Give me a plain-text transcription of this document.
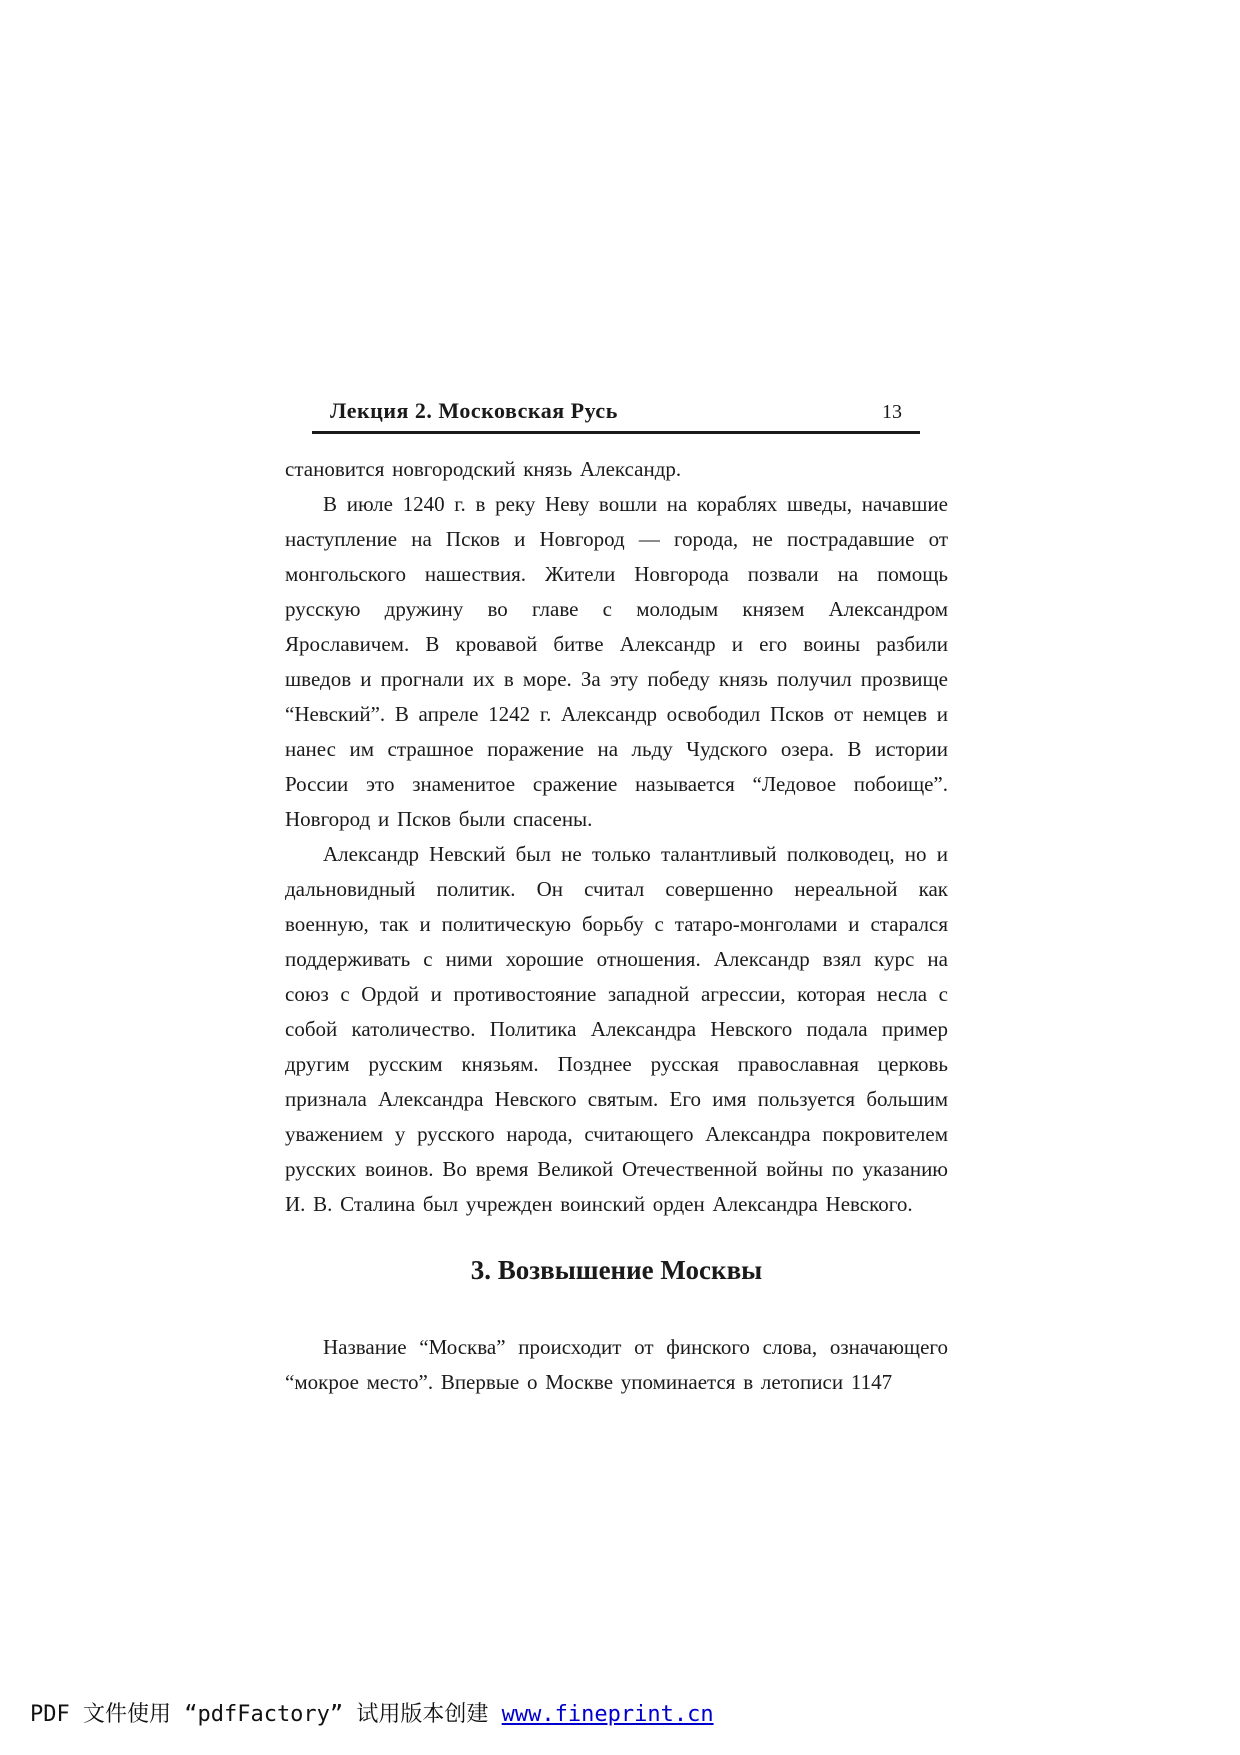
Лекция 2. Московская Русь	13

становится новгородский князь Александр.

В июле 1240 г. в реку Неву вошли на кораблях шведы, начавшие наступление на Псков и Новгород — города, не пострадавшие от монгольского нашествия. Жители Новгорода позвали на помощь русскую дружину во главе с молодым князем Александром Ярославичем. В кровавой битве Александр и его воины разбили шведов и прогнали их в море. За эту победу князь получил прозвище “Невский”. В апреле 1242 г. Александр освободил Псков от немцев и нанес им страшное поражение на льду Чудского озера. В истории России это знаменитое сражение называется “Ледовое побоище”. Новгород и Псков были спасены.

Александр Невский был не только талантливый полководец, но и дальновидный политик. Он считал совершенно нереальной как военную, так и политическую борьбу с татаро-монголами и старался поддерживать с ними хорошие отношения. Александр взял курс на союз с Ордой и противостояние западной агрессии, которая несла с собой католичество. Политика Александра Невского подала пример другим русским князьям. Позднее русская православная церковь признала Александра Невского святым. Его имя пользуется большим уважением у русского народа, считающего Александра покровителем русских воинов. Во время Великой Отечественной войны по указанию И. В. Сталина был учрежден воинский орден Александра Невского.

3. Возвышение Москвы

Название “Москва” происходит от финского слова, означающего “мокрое место”. Впервые о Москве упоминается в летописи 1147

PDF 文件使用 “pdfFactory” 试用版本创建 www.fineprint.cn
